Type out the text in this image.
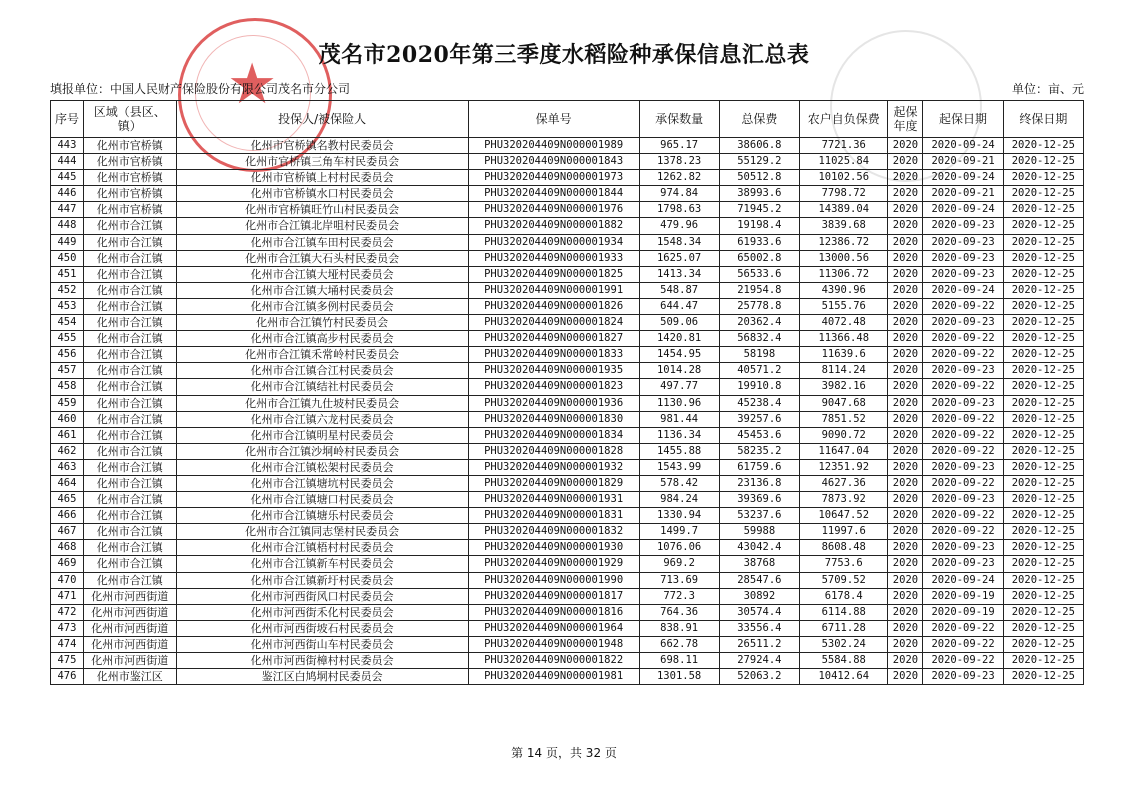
★	茂名市2020年第三季度水稻险种承保信息汇总表
填报单位：中国人民财产保险股份有限公司茂名市分公司	单位：亩、元
序号	区域（县区、镇）	投保人/被保险人	保单号	承保数量	总保费	农户自负保费	起保年度	起保日期	终保日期
443	化州市官桥镇	化州市官桥镇名教村民委员会	PHU320204409N000001989	965.17	38606.8	7721.36	2020	2020-09-24	2020-12-25
444	化州市官桥镇	化州市官桥镇三角车村民委员会	PHU320204409N000001843	1378.23	55129.2	11025.84	2020	2020-09-21	2020-12-25
445	化州市官桥镇	化州市官桥镇上村村民委员会	PHU320204409N000001973	1262.82	50512.8	10102.56	2020	2020-09-24	2020-12-25
446	化州市官桥镇	化州市官桥镇水口村民委员会	PHU320204409N000001844	974.84	38993.6	7798.72	2020	2020-09-21	2020-12-25
447	化州市官桥镇	化州市官桥镇旺竹山村民委员会	PHU320204409N000001976	1798.63	71945.2	14389.04	2020	2020-09-24	2020-12-25
448	化州市合江镇	化州市合江镇北岸咀村民委员会	PHU320204409N000001882	479.96	19198.4	3839.68	2020	2020-09-23	2020-12-25
449	化州市合江镇	化州市合江镇车田村民委员会	PHU320204409N000001934	1548.34	61933.6	12386.72	2020	2020-09-23	2020-12-25
450	化州市合江镇	化州市合江镇大石头村民委员会	PHU320204409N000001933	1625.07	65002.8	13000.56	2020	2020-09-23	2020-12-25
451	化州市合江镇	化州市合江镇大垭村民委员会	PHU320204409N000001825	1413.34	56533.6	11306.72	2020	2020-09-23	2020-12-25
452	化州市合江镇	化州市合江镇大埇村民委员会	PHU320204409N000001991	548.87	21954.8	4390.96	2020	2020-09-24	2020-12-25
453	化州市合江镇	化州市合江镇多例村民委员会	PHU320204409N000001826	644.47	25778.8	5155.76	2020	2020-09-22	2020-12-25
454	化州市合江镇	化州市合江镇竹村民委员会	PHU320204409N000001824	509.06	20362.4	4072.48	2020	2020-09-23	2020-12-25
455	化州市合江镇	化州市合江镇高步村民委员会	PHU320204409N000001827	1420.81	56832.4	11366.48	2020	2020-09-22	2020-12-25
456	化州市合江镇	化州市合江镇禾常岭村民委员会	PHU320204409N000001833	1454.95	58198	11639.6	2020	2020-09-22	2020-12-25
457	化州市合江镇	化州市合江镇合江村民委员会	PHU320204409N000001935	1014.28	40571.2	8114.24	2020	2020-09-23	2020-12-25
458	化州市合江镇	化州市合江镇结社村民委员会	PHU320204409N000001823	497.77	19910.8	3982.16	2020	2020-09-22	2020-12-25
459	化州市合江镇	化州市合江镇九仕坡村民委员会	PHU320204409N000001936	1130.96	45238.4	9047.68	2020	2020-09-23	2020-12-25
460	化州市合江镇	化州市合江镇六龙村民委员会	PHU320204409N000001830	981.44	39257.6	7851.52	2020	2020-09-22	2020-12-25
461	化州市合江镇	化州市合江镇明星村民委员会	PHU320204409N000001834	1136.34	45453.6	9090.72	2020	2020-09-22	2020-12-25
462	化州市合江镇	化州市合江镇沙垌岭村民委员会	PHU320204409N000001828	1455.88	58235.2	11647.04	2020	2020-09-22	2020-12-25
463	化州市合江镇	化州市合江镇松架村民委员会	PHU320204409N000001932	1543.99	61759.6	12351.92	2020	2020-09-23	2020-12-25
464	化州市合江镇	化州市合江镇塘坑村民委员会	PHU320204409N000001829	578.42	23136.8	4627.36	2020	2020-09-22	2020-12-25
465	化州市合江镇	化州市合江镇塘口村民委员会	PHU320204409N000001931	984.24	39369.6	7873.92	2020	2020-09-23	2020-12-25
466	化州市合江镇	化州市合江镇塘乐村民委员会	PHU320204409N000001831	1330.94	53237.6	10647.52	2020	2020-09-22	2020-12-25
467	化州市合江镇	化州市合江镇同志堡村民委员会	PHU320204409N000001832	1499.7	59988	11997.6	2020	2020-09-22	2020-12-25
468	化州市合江镇	化州市合江镇梧村村民委员会	PHU320204409N000001930	1076.06	43042.4	8608.48	2020	2020-09-23	2020-12-25
469	化州市合江镇	化州市合江镇新车村民委员会	PHU320204409N000001929	969.2	38768	7753.6	2020	2020-09-23	2020-12-25
470	化州市合江镇	化州市合江镇新圩村民委员会	PHU320204409N000001990	713.69	28547.6	5709.52	2020	2020-09-24	2020-12-25
471	化州市河西街道	化州市河西街风口村民委员会	PHU320204409N000001817	772.3	30892	6178.4	2020	2020-09-19	2020-12-25
472	化州市河西街道	化州市河西街禾化村民委员会	PHU320204409N000001816	764.36	30574.4	6114.88	2020	2020-09-19	2020-12-25
473	化州市河西街道	化州市河西街坡石村民委员会	PHU320204409N000001964	838.91	33556.4	6711.28	2020	2020-09-22	2020-12-25
474	化州市河西街道	化州市河西街山车村民委员会	PHU320204409N000001948	662.78	26511.2	5302.24	2020	2020-09-22	2020-12-25
475	化州市河西街道	化州市河西街樟村村民委员会	PHU320204409N000001822	698.11	27924.4	5584.88	2020	2020-09-22	2020-12-25
476	化州市鉴江区	鉴江区白鸠垌村民委员会	PHU320204409N000001981	1301.58	52063.2	10412.64	2020	2020-09-23	2020-12-25
第 14 页，共 32 页
